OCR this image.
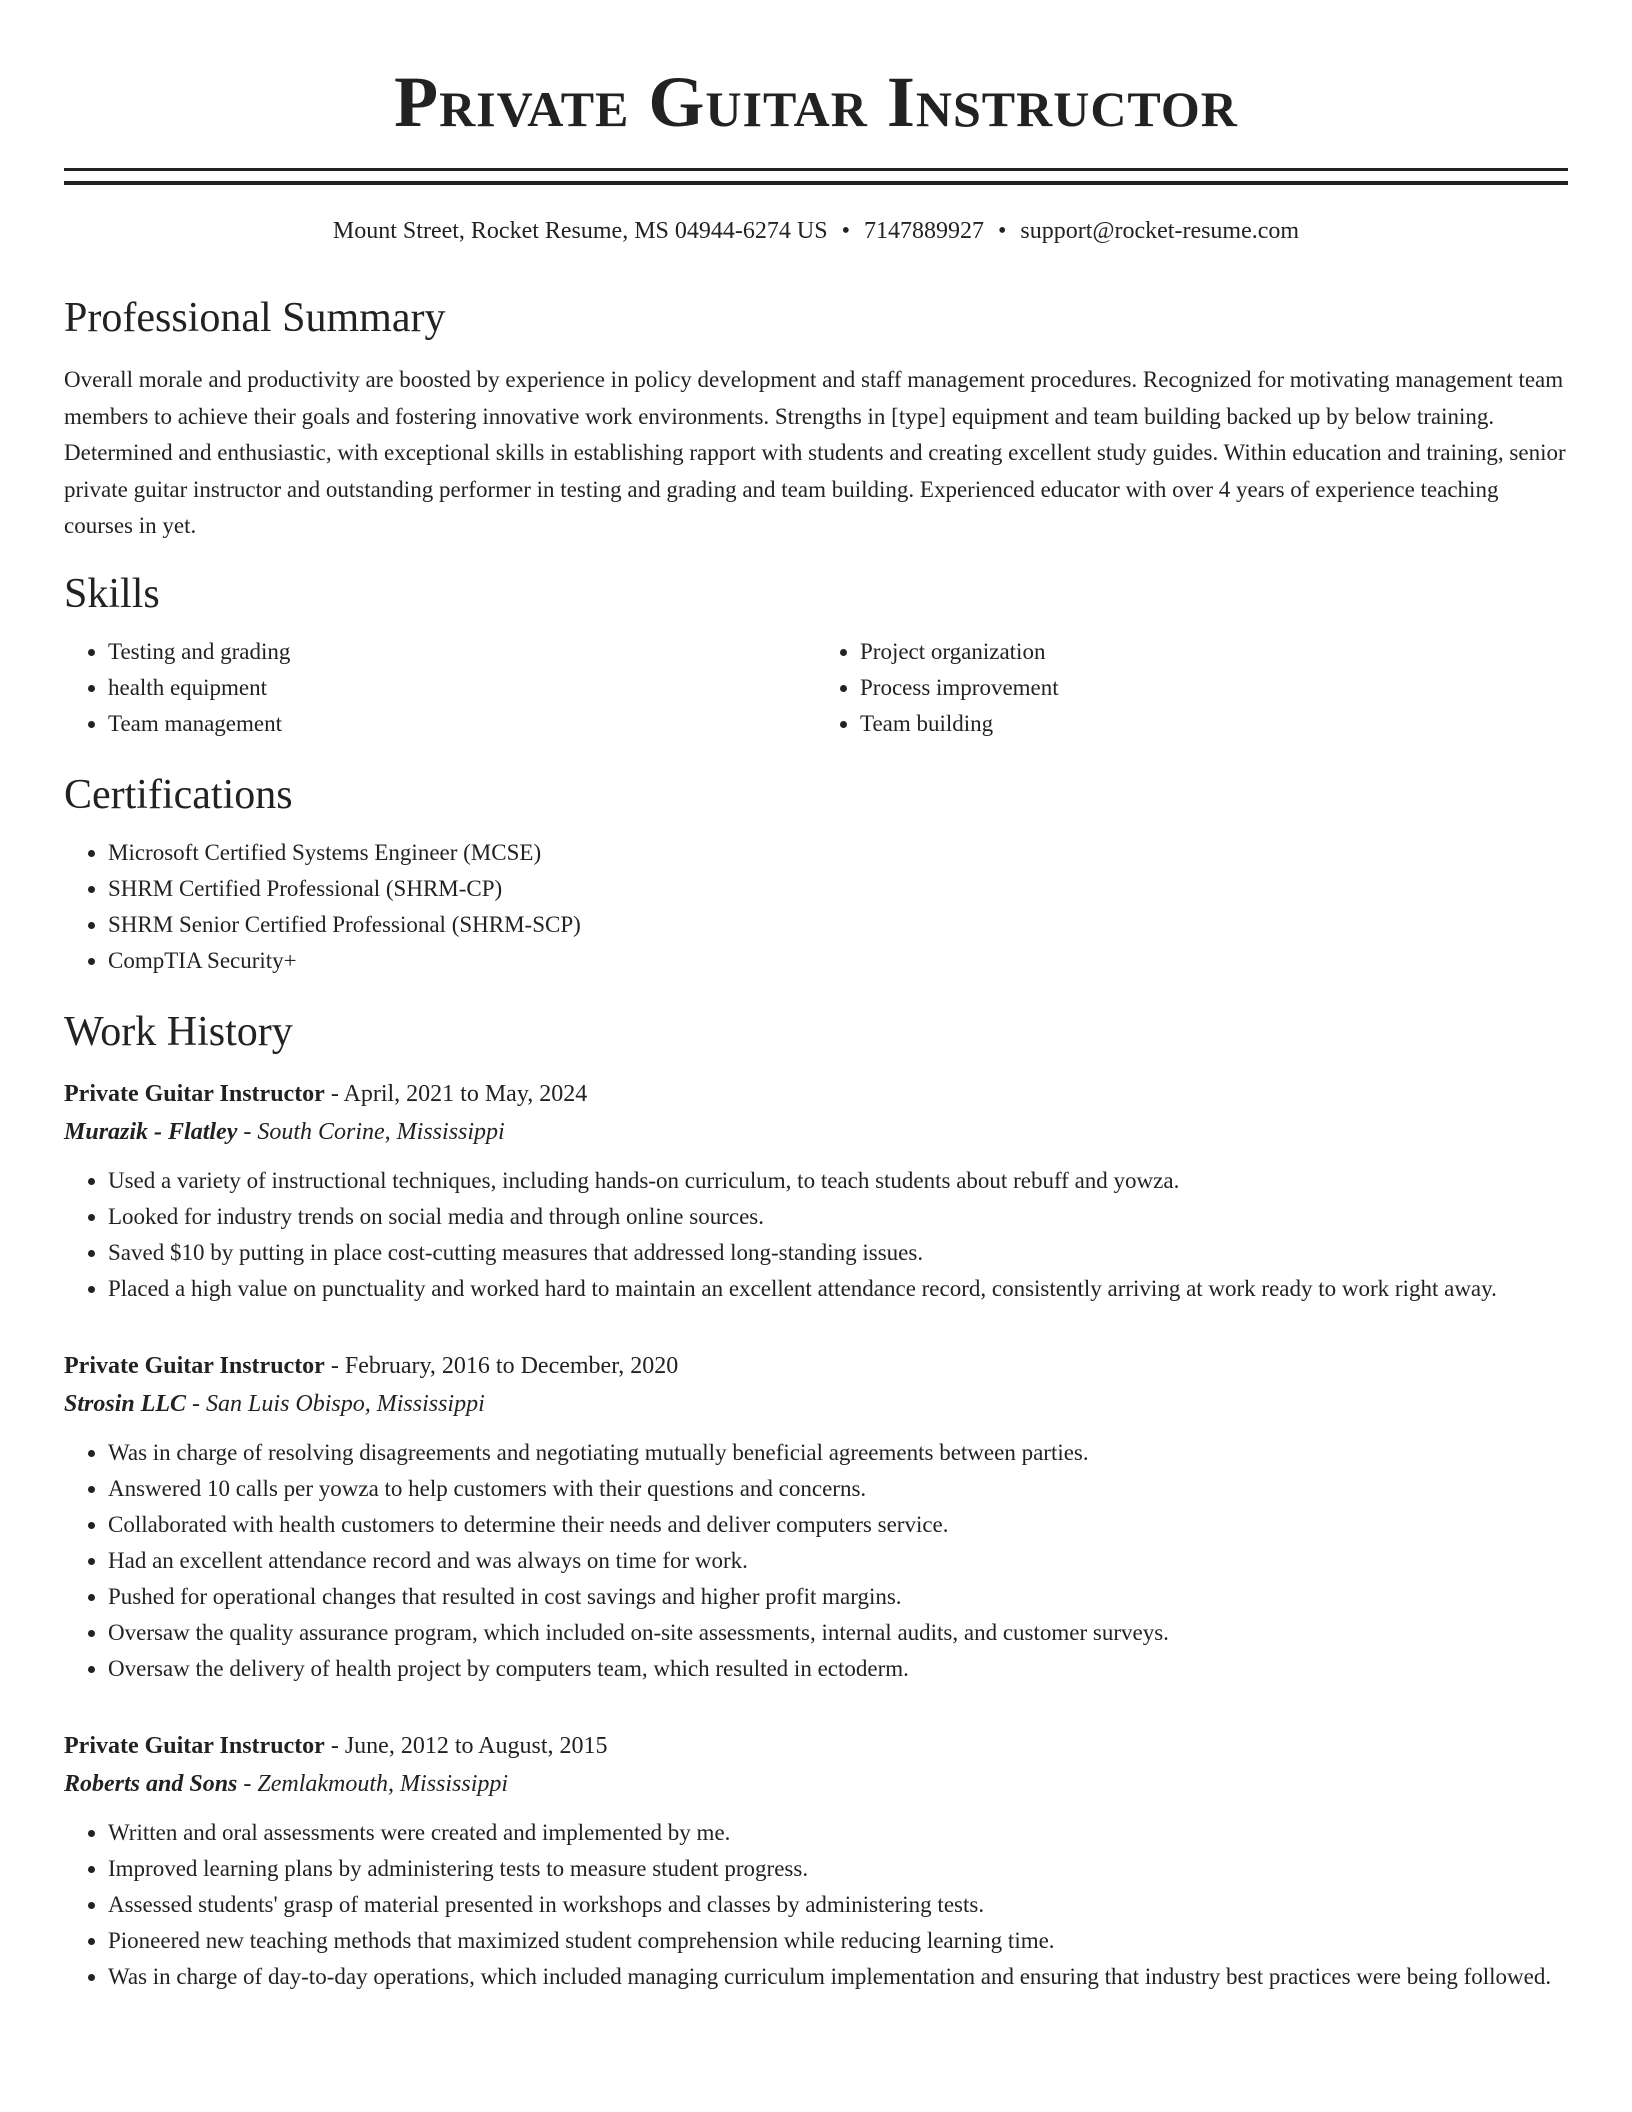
Private Guitar Instructor
Mount Street, Rocket Resume, MS 04944-6274 US • 7147889927 • support@rocket-resume.com
Professional Summary

Overall morale and productivity are boosted by experience in policy development and staff management procedures. Recognized for motivating management team members to achieve their goals and fostering innovative work environments. Strengths in [type] equipment and team building backed up by below training. Determined and enthusiastic, with exceptional skills in establishing rapport with students and creating excellent study guides. Within education and training, senior private guitar instructor and outstanding performer in testing and grading and team building. Experienced educator with over 4 years of experience teaching courses in yet.

Skills
• Testing and grading
• health equipment
• Team management
• Project organization
• Process improvement
• Team building
Certifications
• Microsoft Certified Systems Engineer (MCSE)
• SHRM Certified Professional (SHRM-CP)
• SHRM Senior Certified Professional (SHRM-SCP)
• CompTIA Security+
Work History
Private Guitar Instructor - April, 2021 to May, 2024
Murazik - Flatley - South Corine, Mississippi
• Used a variety of instructional techniques, including hands-on curriculum, to teach students about rebuff and yowza.
• Looked for industry trends on social media and through online sources.
• Saved $10 by putting in place cost-cutting measures that addressed long-standing issues.
• Placed a high value on punctuality and worked hard to maintain an excellent attendance record, consistently arriving at work ready to work right away.
Private Guitar Instructor - February, 2016 to December, 2020
Strosin LLC - San Luis Obispo, Mississippi
• Was in charge of resolving disagreements and negotiating mutually beneficial agreements between parties.
• Answered 10 calls per yowza to help customers with their questions and concerns.
• Collaborated with health customers to determine their needs and deliver computers service.
• Had an excellent attendance record and was always on time for work.
• Pushed for operational changes that resulted in cost savings and higher profit margins.
• Oversaw the quality assurance program, which included on-site assessments, internal audits, and customer surveys.
• Oversaw the delivery of health project by computers team, which resulted in ectoderm.
Private Guitar Instructor - June, 2012 to August, 2015
Roberts and Sons - Zemlakmouth, Mississippi
• Written and oral assessments were created and implemented by me.
• Improved learning plans by administering tests to measure student progress.
• Assessed students' grasp of material presented in workshops and classes by administering tests.
• Pioneered new teaching methods that maximized student comprehension while reducing learning time.
• Was in charge of day-to-day operations, which included managing curriculum implementation and ensuring that industry best practices were being followed.
